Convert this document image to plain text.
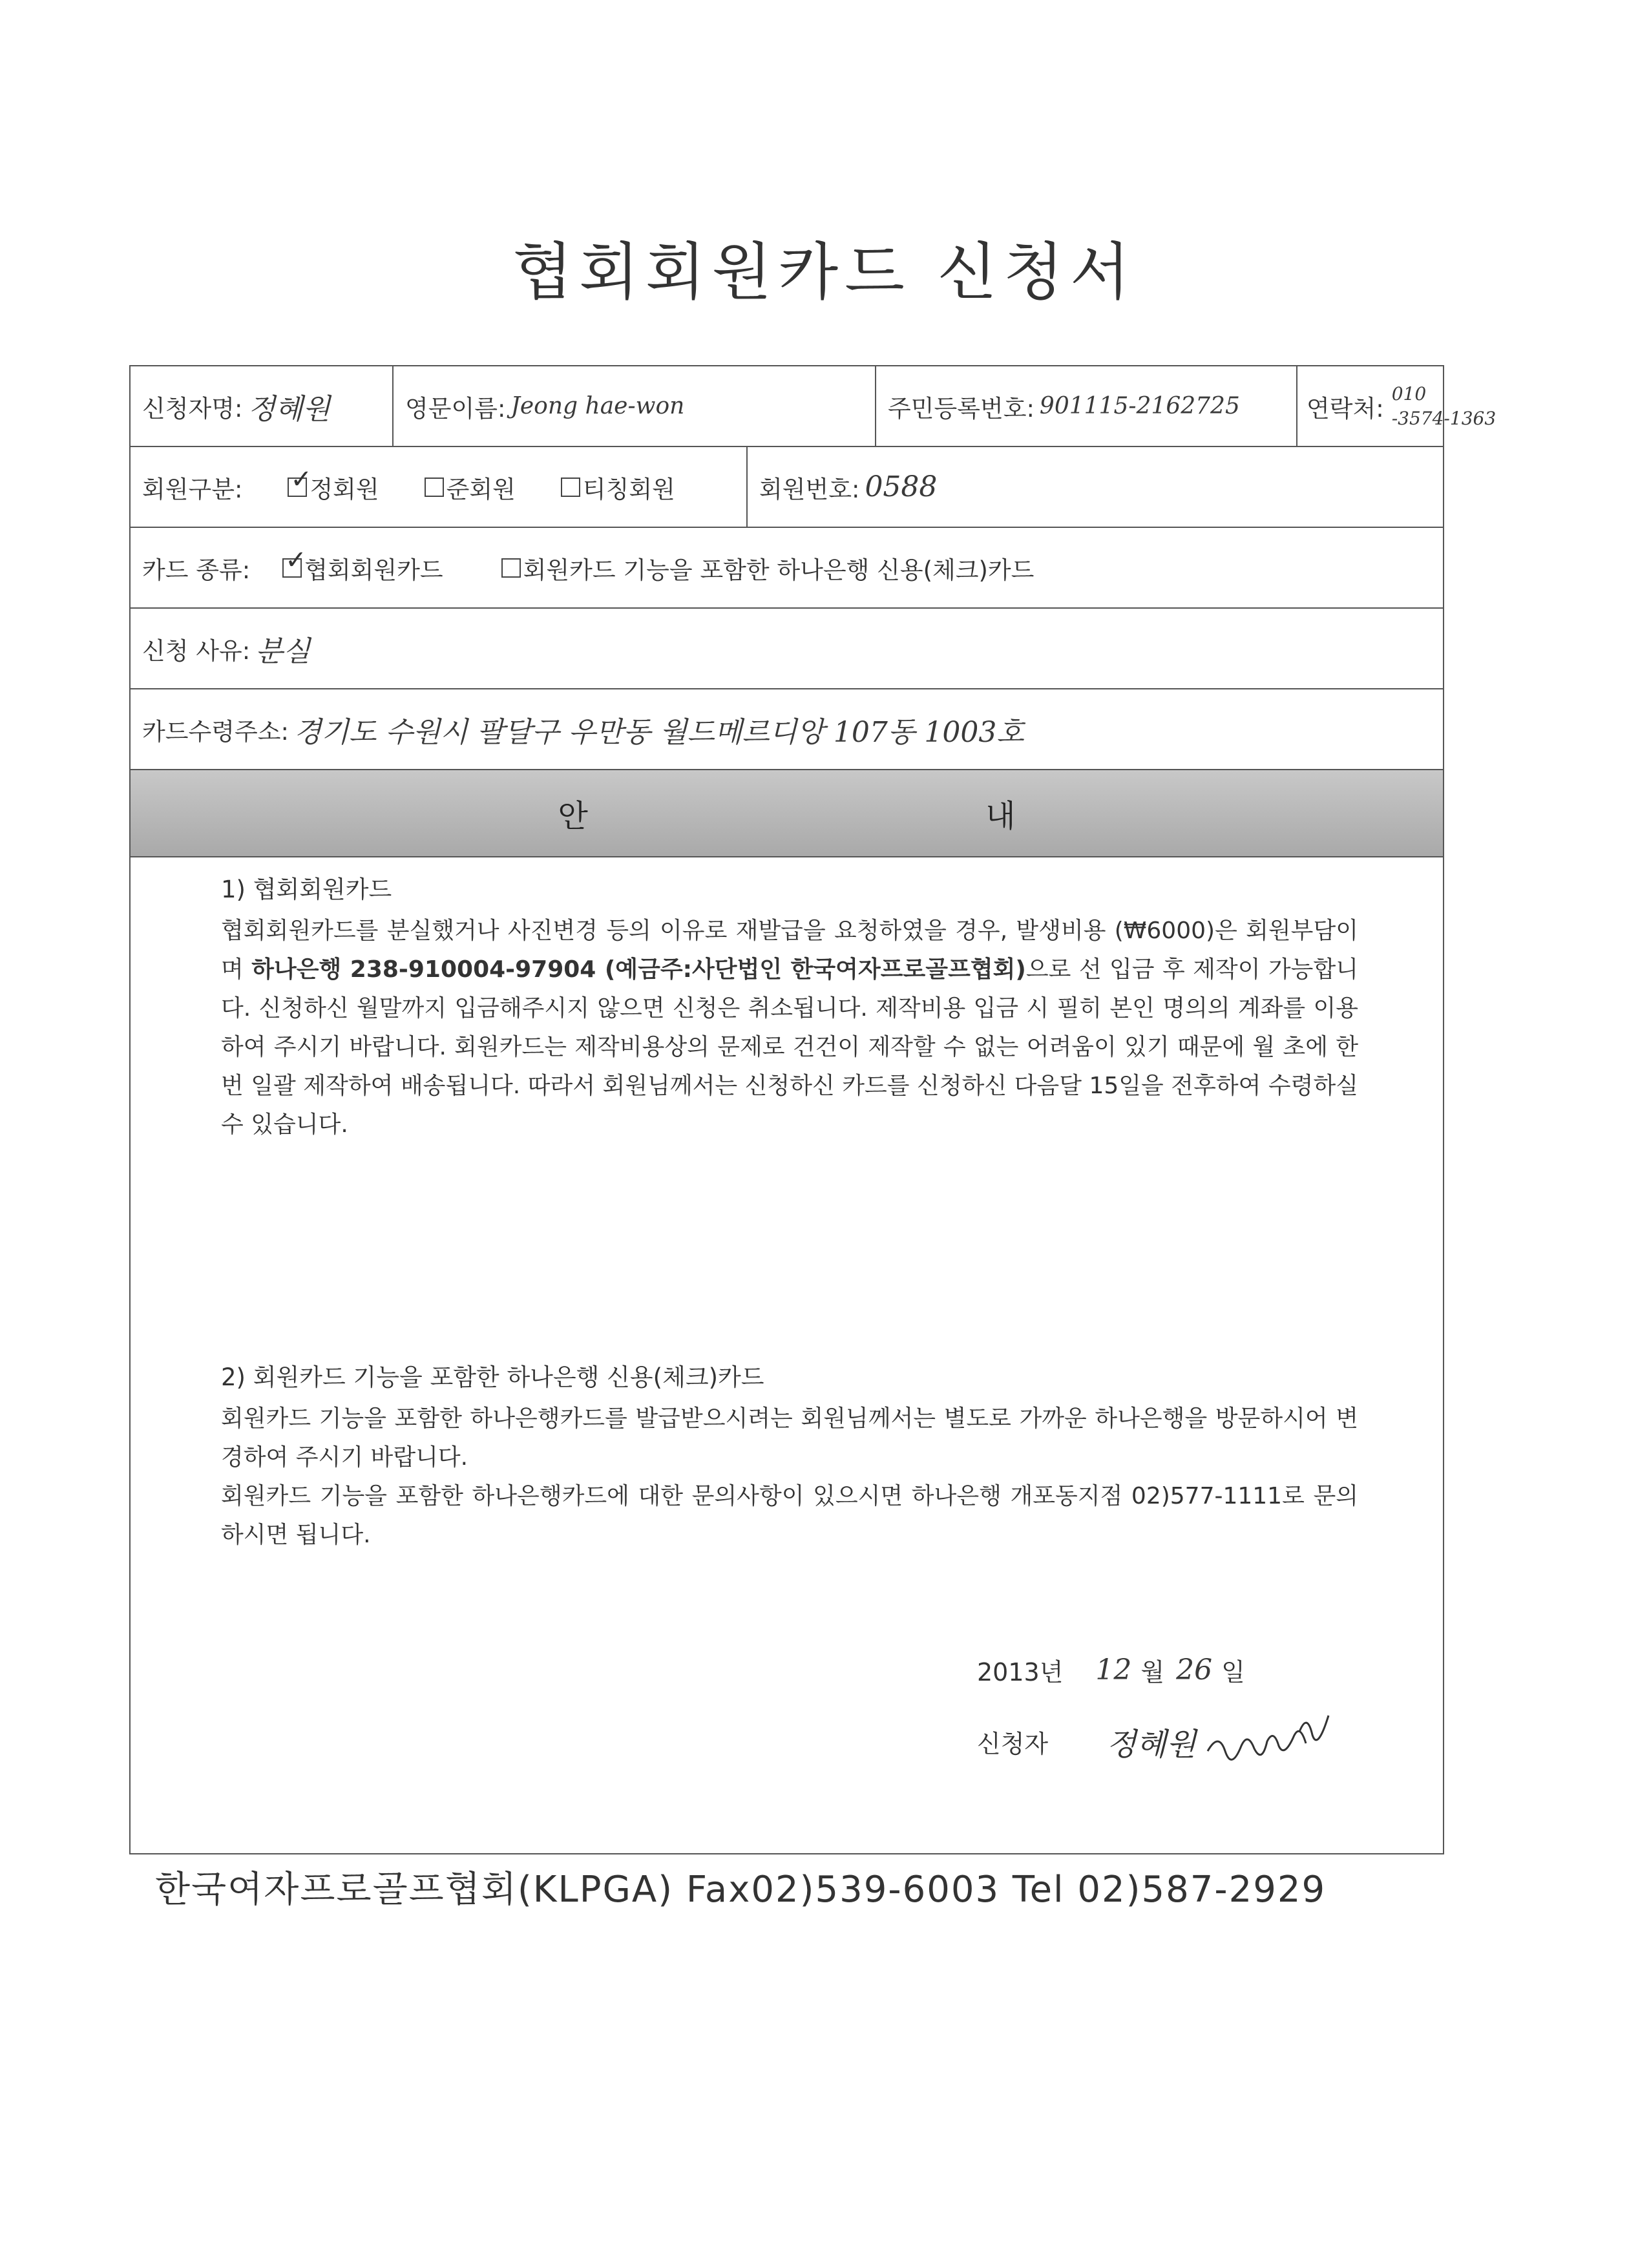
협회회원카드 신청서
신청자명: 정혜원	영문이름: Jeong hae-won	주민등록번호: 901115-2162725	연락처:
010
-3574-1363
회원구분: ✓	정회원	준회원	티칭회원	회원번호: 0588
카드 종류: ✓ 협회회원카드	회원카드 기능을 포함한 하나은행 신용(체크)카드
신청 사유: 분실
카드수령주소: 경기도 수원시 팔달구 우만동 월드메르디앙 107동 1003호
안 내
1) 협회회원카드

협회회원카드를 분실했거나 사진변경 등의 이유로 재발급을 요청하였을 경우, 발생비용 (₩6000)은 회원부담이며 하나은행 238-910004-97904 (예금주:사단법인 한국여자프로골프협회)으로 선 입금 후 제작이 가능합니다. 신청하신 월말까지 입금해주시지 않으면 신청은 취소됩니다. 제작비용 입금 시 필히 본인 명의의 계좌를 이용하여 주시기 바랍니다. 회원카드는 제작비용상의 문제로 건건이 제작할 수 없는 어려움이 있기 때문에 월 초에 한번 일괄 제작하여 배송됩니다. 따라서 회원님께서는 신청하신 카드를 신청하신 다음달 15일을 전후하여 수령하실 수 있습니다.

2) 회원카드 기능을 포함한 하나은행 신용(체크)카드

회원카드 기능을 포함한 하나은행카드를 발급받으시려는 회원님께서는 별도로 가까운 하나은행을 방문하시어 변경하여 주시기 바랍니다.

회원카드 기능을 포함한 하나은행카드에 대한 문의사항이 있으시면 하나은행 개포동지점 02)577-1111로 문의하시면 됩니다.

2013년 12 월 26 일
신청자 정혜원
한국여자프로골프협회(KLPGA) Fax02)539-6003 Tel 02)587-2929
